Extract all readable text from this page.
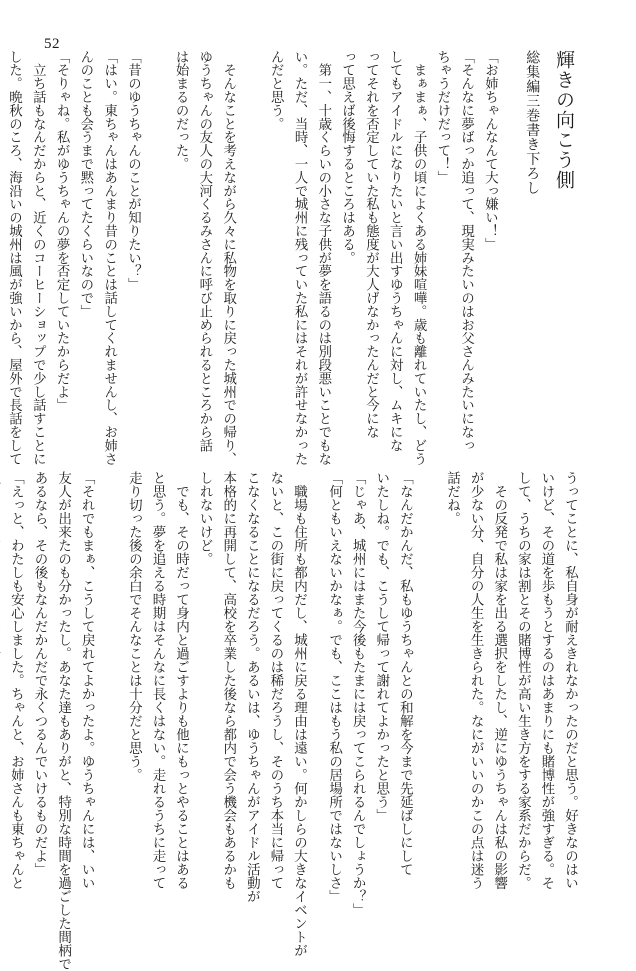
52
輝きの向こう側
総集編三巻書き下ろし
「お姉ちゃんなんて大っ嫌い！」
「そんなに夢ばっか追って、現実みたいのはお父さんみたいになっ
ちゃうだけだって！」
　まぁまぁ、子供の頃によくある姉妹喧嘩。歳も離れていたし、どう
してもアイドルになりたいと言い出すゆうちゃんに対し、ムキにな
ってそれを否定していた私も態度が大人げなかったんだと今にな
って思えば後悔するところはある。
　第一、十歳くらいの小さな子供が夢を語るのは別段悪いことでもな
い。ただ、当時、一人で城州に残っていた私にはそれが許せなかった
んだと思う。

　そんなことを考えながら久々に私物を取りに戻った城州での帰り、
ゆうちゃんの友人の大河くるみさんに呼び止められるところから話
は始まるのだった。

「昔のゆうちゃんのことが知りたい？」
「はい。東ちゃんはあんまり昔のことは話してくれませんし、お姉さ
んのことも会うまで黙ってたくらいなので」
「そりゃね。私がゆうちゃんの夢を否定していたからだよ」
　立ち話もなんだからと、近くのコーヒーショップで少し話すことに
した。晩秋のころ、海沿いの城州は風が強いから、屋外で長話をして
うってことに、私自身が耐えきれなかったのだと思う。好きなのはい
いけど、その道を歩もうとするのはあまりにも賭博性が強すぎる。そ
して、うちの家は割とその賭博性が高い生き方をする家系だからだ。
　その反発で私は家を出る選択をしたし、逆にゆうちゃんは私の影響
が少ない分、自分の人生を生きられた。なにがいいのかこの点は迷う
話だね。

「なんだかんだ、私もゆうちゃんとの和解を今まで先延ばしにして
いたしね。でも、こうして帰って謝れてよかったと思う」
「じゃあ、城州にはまた今後もたまには戻ってこられるんでしょうか？」
「何ともいえないかなぁ。でも、ここはもう私の居場所ではないしさ」
　職場も住所も都内だし、城州に戻る理由は遠い。何かしらの大きなイベントが
ないと、この街に戻ってくるのは稀だろうし、そのうち本当に帰って
こなくなることになるだろう。あるいは、ゆうちゃんがアイドル活動が
本格的に再開して、高校を卒業した後なら都内で会う機会もあるかも
しれないけど。
　でも、その時だって身内と過ごすよりも他にもっとやることはある
と思う。夢を追える時期はそんなに長くはない。走れるうちに走って
走り切った後の余白でそんなことは十分だと思う。

「それでもまぁ、こうして戻れてよかったよ。ゆうちゃんには、いい
友人が出来たのも分かったし。あなた達もありがと、特別な時間を過ごした間柄で
あるなら、その後もなんだかんだで永くつるんでいけるものだよ」
「えっと、わたしも安心しました。ちゃんと、お姉さんも東ちゃんと
